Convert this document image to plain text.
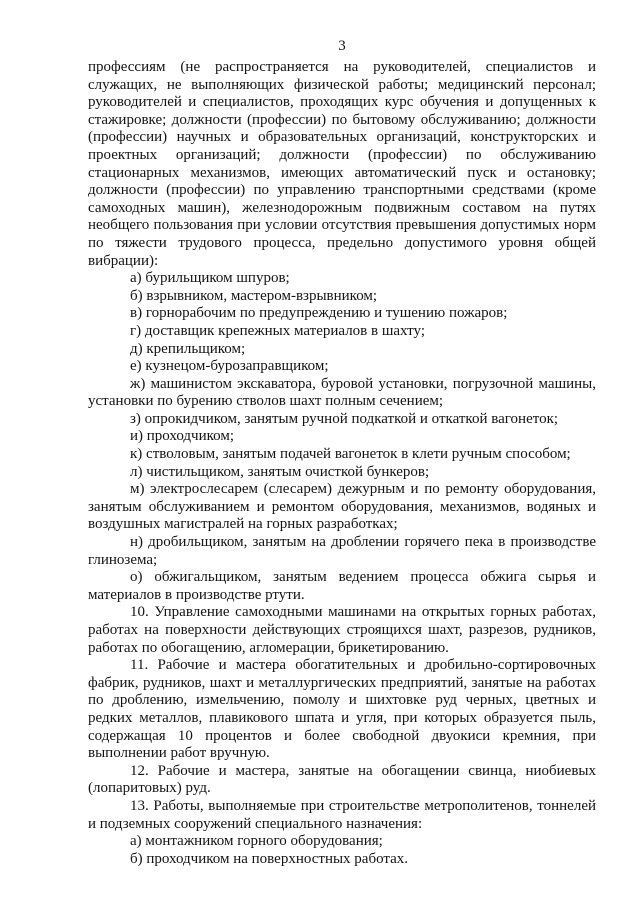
3

профессиям (не распространяется на руководителей, специалистов и служащих, не выполняющих физической работы; медицинский персонал; руководителей и специалистов, проходящих курс обучения и допущенных к стажировке; должности (профессии) по бытовому обслуживанию; должности (профессии) научных и образовательных организаций, конструкторских и проектных организаций; должности (профессии) по обслуживанию стационарных механизмов, имеющих автоматический пуск и остановку; должности (профессии) по управлению транспортными средствами (кроме самоходных машин), железнодорожным подвижным составом на путях необщего пользования при условии отсутствия превышения допустимых норм по тяжести трудового процесса, предельно допустимого уровня общей вибрации):

а) бурильщиком шпуров;

б) взрывником, мастером-взрывником;

в) горнорабочим по предупреждению и тушению пожаров;

г) доставщик крепежных материалов в шахту;

д) крепильщиком;

е) кузнецом-бурозаправщиком;

ж) машинистом экскаватора, буровой установки, погрузочной машины, установки по бурению стволов шахт полным сечением;

з) опрокидчиком, занятым ручной подкаткой и откаткой вагонеток;

и) проходчиком;

к) стволовым, занятым подачей вагонеток в клети ручным способом;

л) чистильщиком, занятым очисткой бункеров;

м) электрослесарем (слесарем) дежурным и по ремонту оборудования, занятым обслуживанием и ремонтом оборудования, механизмов, водяных и воздушных магистралей на горных разработках;

н) дробильщиком, занятым на дроблении горячего пека в производстве глинозема;

о) обжигальщиком, занятым ведением процесса обжига сырья и материалов в производстве ртути.

10. Управление самоходными машинами на открытых горных работах, работах на поверхности действующих строящихся шахт, разрезов, рудников, работах по обогащению, агломерации, брикетированию.

11. Рабочие и мастера обогатительных и дробильно-сортировочных фабрик, рудников, шахт и металлургических предприятий, занятые на работах по дроблению, измельчению, помолу и шихтовке руд черных, цветных и редких металлов, плавикового шпата и угля, при которых образуется пыль, содержащая 10 процентов и более свободной двуокиси кремния, при выполнении работ вручную.

12. Рабочие и мастера, занятые на обогащении свинца, ниобиевых (лопаритовых) руд.

13. Работы, выполняемые при строительстве метрополитенов, тоннелей и подземных сооружений специального назначения:

а) монтажником горного оборудования;

б) проходчиком на поверхностных работах.
